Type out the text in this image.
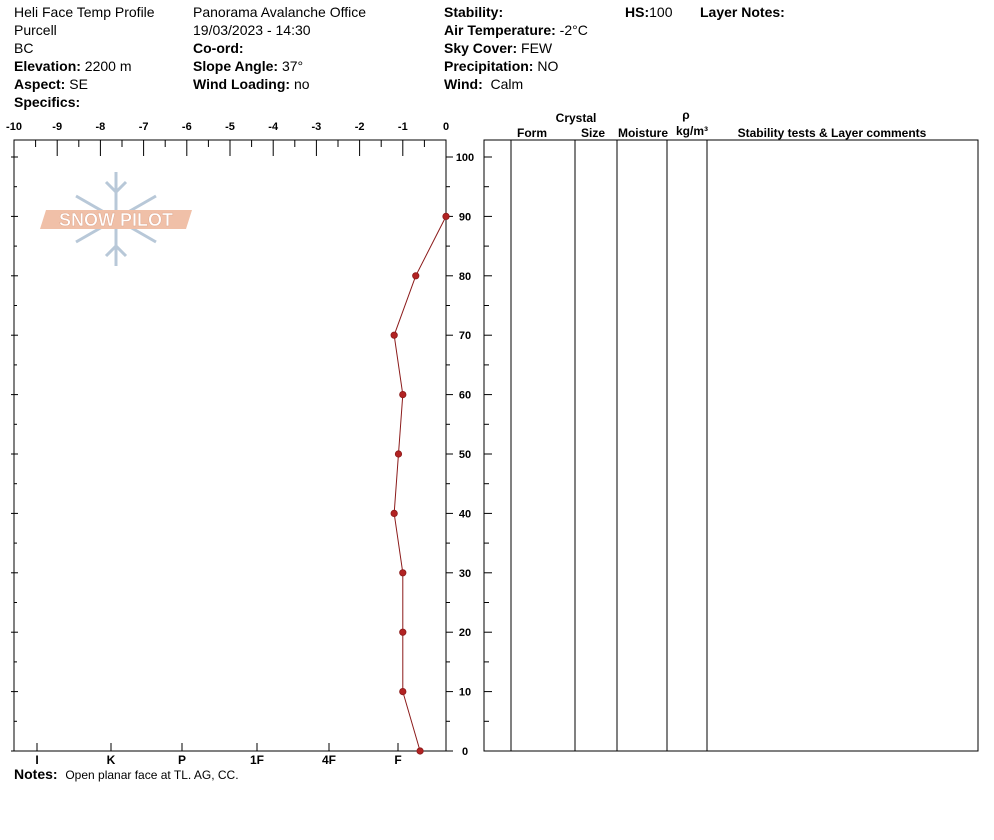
Heli Face Temp Profile
Purcell
BC
Elevation: 2200 m
Aspect: SE
Specifics:
Panorama Avalanche Office
19/03/2023 - 14:30
Co-ord:
Slope Angle: 37°
Wind Loading: no
Stability:
Air Temperature: -2°C
Sky Cover: FEW
Precipitation: NO
Wind: Calm
HS:100 Layer Notes:
SNOW PILOT
-10	-9	-8	-7	-6	-5	-4	-3	-2	-1	0
0
10
20
30
40
50
60
70
80
90
100
I	K	P	1F	4F	F
Crystal
Form	Size Moisture
ρ
kg/m³ Stability tests & Layer comments
Notes: Open planar face at TL. AG, CC.
